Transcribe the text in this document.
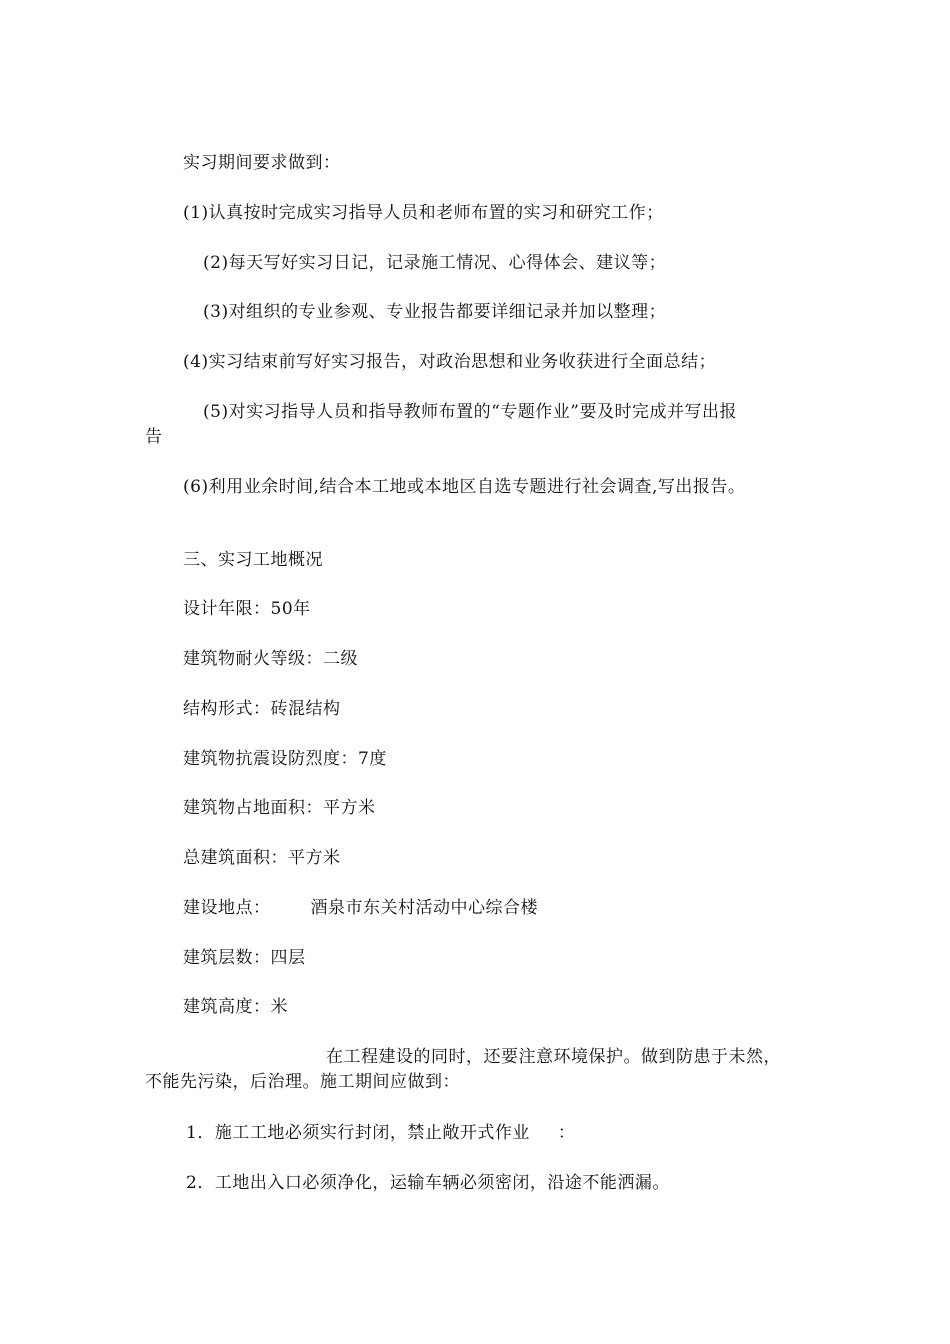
实习期间要求做到：
(1)认真按时完成实习指导人员和老师布置的实习和研究工作；
(2)每天写好实习日记，记录施工情况、心得体会、建议等；
(3)对组织的专业参观、专业报告都要详细记录并加以整理；
(4)实习结束前写好实习报告，对政治思想和业务收获进行全面总结；
(5)对实习指导人员和指导教师布置的“专题作业”要及时完成并写出报
告
(6)利用业余时间,结合本工地或本地区自选专题进行社会调查,写出报告。
三、实习工地概况
设计年限：50年
建筑物耐火等级：二级
结构形式：砖混结构
建筑物抗震设防烈度：7度
建筑物占地面积：平方米
总建筑面积：平方米
建设地点： 酒泉市东关村活动中心综合楼
建筑层数：四层
建筑高度：米
在工程建设的同时，还要注意环境保护。做到防患于未然，
不能先污染，后治理。施工期间应做到：
1．施工工地必须实行封闭，禁止敞开式作业 ：
2．工地出入口必须净化，运输车辆必须密闭，沿途不能洒漏。
